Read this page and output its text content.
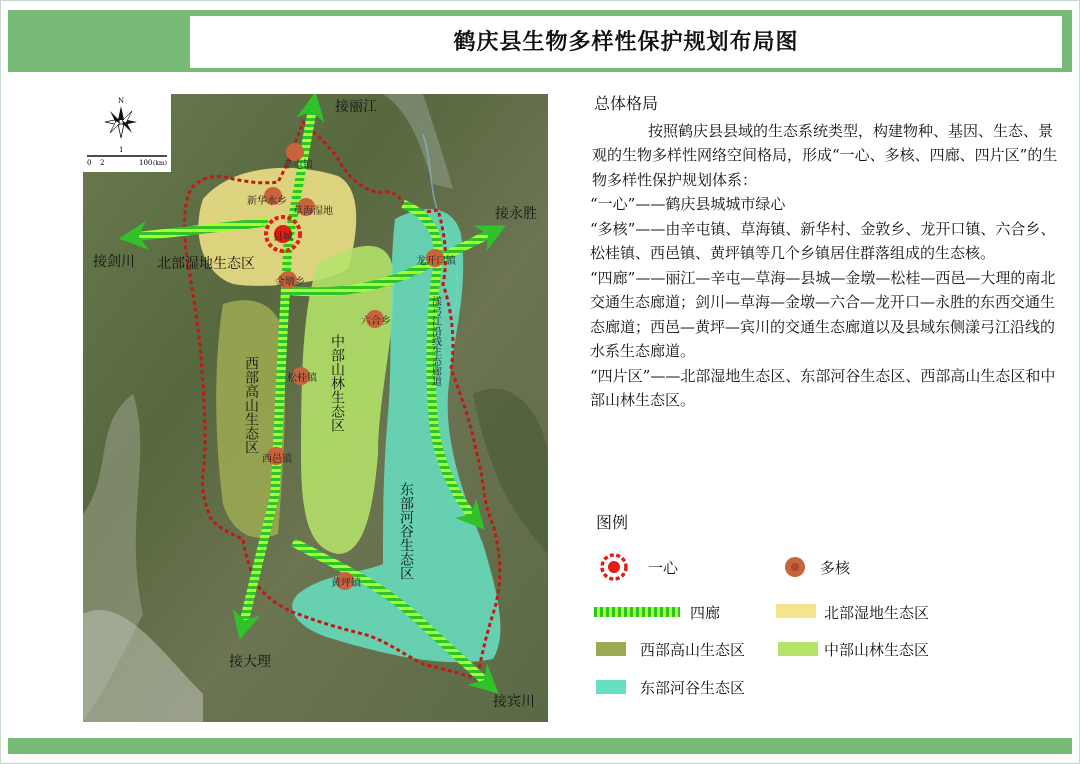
鹤庆县生物多样性保护规划布局图
N
1
0 2	100 (km)
接丽江
接剑川
接永胜
接大理
接宾川
北部湿地生态区
西部高山生态区	中部山林生态区
东部河谷生态区
漾弓江沿线生态廊道
辛屯镇
新华水乡
草海湿地
县城
金墩乡
六合乡
龙开口镇
松桂镇
西邑镇
黄坪镇
总体格局

按照鹤庆县县域的生态系统类型，构建物种、基因、生态、景观的生物多样性网络空间格局，形成“一心、多核、四廊、四片区”的生物多样性保护规划体系：

“一心”——鹤庆县城城市绿心

“多核”——由辛屯镇、草海镇、新华村、金敦乡、龙开口镇、六合乡、松桂镇、西邑镇、黄坪镇等几个乡镇居住群落组成的生态核。

“四廊”——丽江—辛屯—草海—县城—金墩—松桂—西邑—大理的南北交通生态廊道；剑川—草海—金墩—六合—龙开口—永胜的东西交通生态廊道；西邑—黄坪—宾川的交通生态廊道以及县域东侧漾弓江沿线的水系生态廊道。

“四片区”——北部湿地生态区、东部河谷生态区、西部高山生态区和中部山林生态区。

图例
一心	多核
四廊	北部湿地生态区
西部高山生态区	中部山林生态区
东部河谷生态区
